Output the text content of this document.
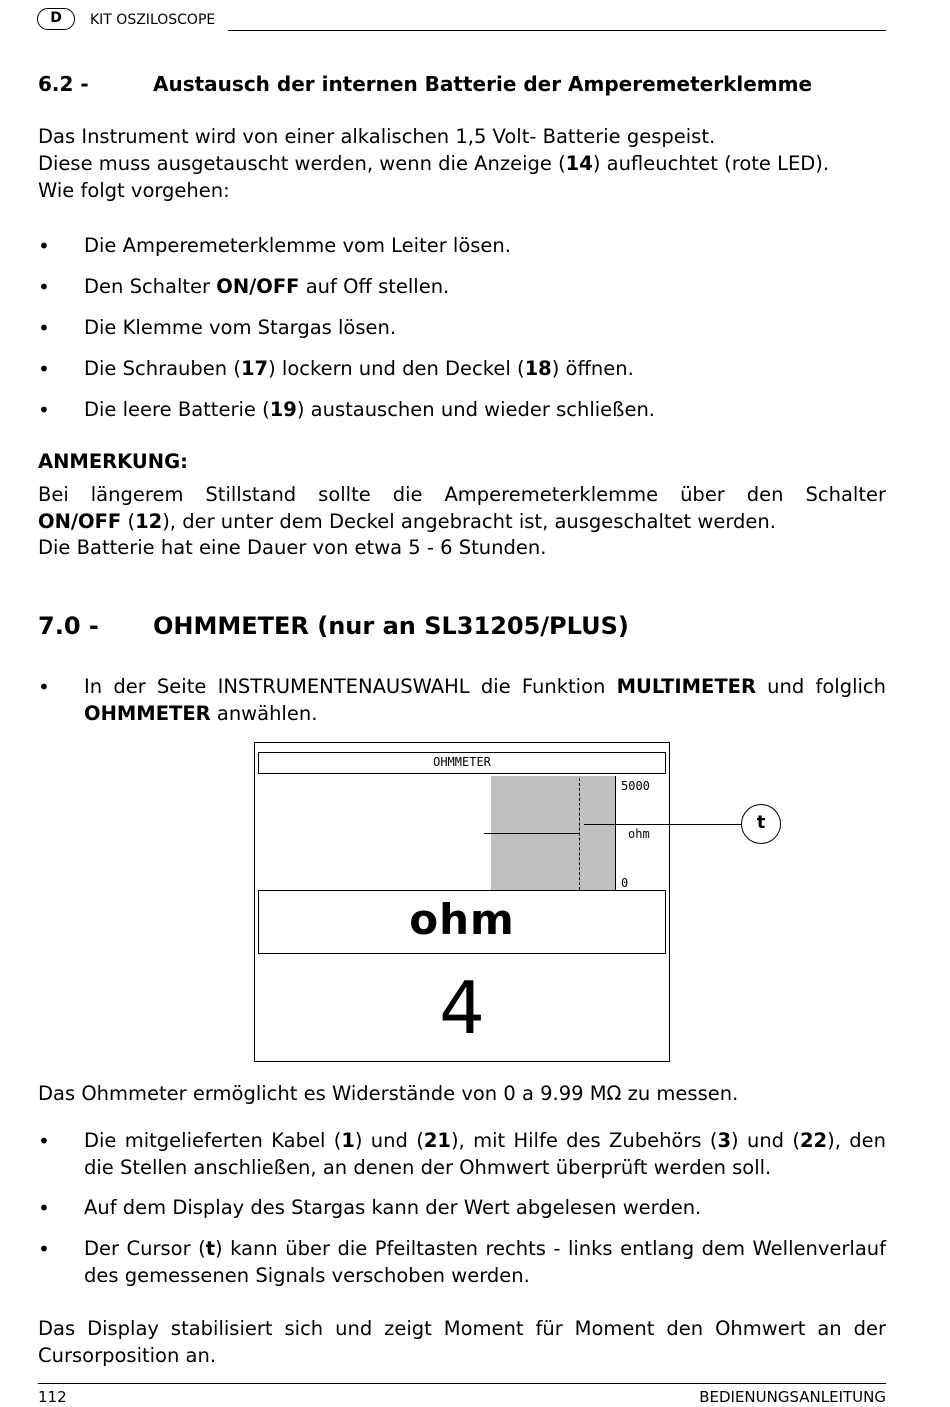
D	KIT OSZILOSCOPE
6.2 -	Austausch der internen Batterie der Amperemeterklemme
Das Instrument wird von einer alkalischen 1,5 Volt- Batterie gespeist.
Diese muss ausgetauscht werden, wenn die Anzeige (14) aufleuchtet (rote LED).
Wie folgt vorgehen:
• Die Amperemeterklemme vom Leiter lösen.
• Den Schalter ON/OFF auf Off stellen.
• Die Klemme vom Stargas lösen.
• Die Schrauben (17) lockern und den Deckel (18) öffnen.
• Die leere Batterie (19) austauschen und wieder schließen.
ANMERKUNG:
Bei längerem Stillstand sollte die Amperemeterklemme über den Schalter
ON/OFF (12), der unter dem Deckel angebracht ist, ausgeschaltet werden.
Die Batterie hat eine Dauer von etwa 5 - 6 Stunden.
7.0 - OHMMETER (nur an SL31205/PLUS)
• In der Seite INSTRUMENTENAUSWAHL die Funktion MULTIMETER und folglich
OHMMETER anwählen.
OHMMETER
5000
ohm
0
ohm
4
t
Das Ohmmeter ermöglicht es Widerstände von 0 a 9.99 MΩ zu messen.
• Die mitgelieferten Kabel (1) und (21), mit Hilfe des Zubehörs (3) und (22), den
die Stellen anschließen, an denen der Ohmwert überprüft werden soll.
• Auf dem Display des Stargas kann der Wert abgelesen werden.
• Der Cursor (t) kann über die Pfeiltasten rechts - links entlang dem Wellenverlauf
des gemessenen Signals verschoben werden.
Das Display stabilisiert sich und zeigt Moment für Moment den Ohmwert an der
Cursorposition an.
112	BEDIENUNGSANLEITUNG
